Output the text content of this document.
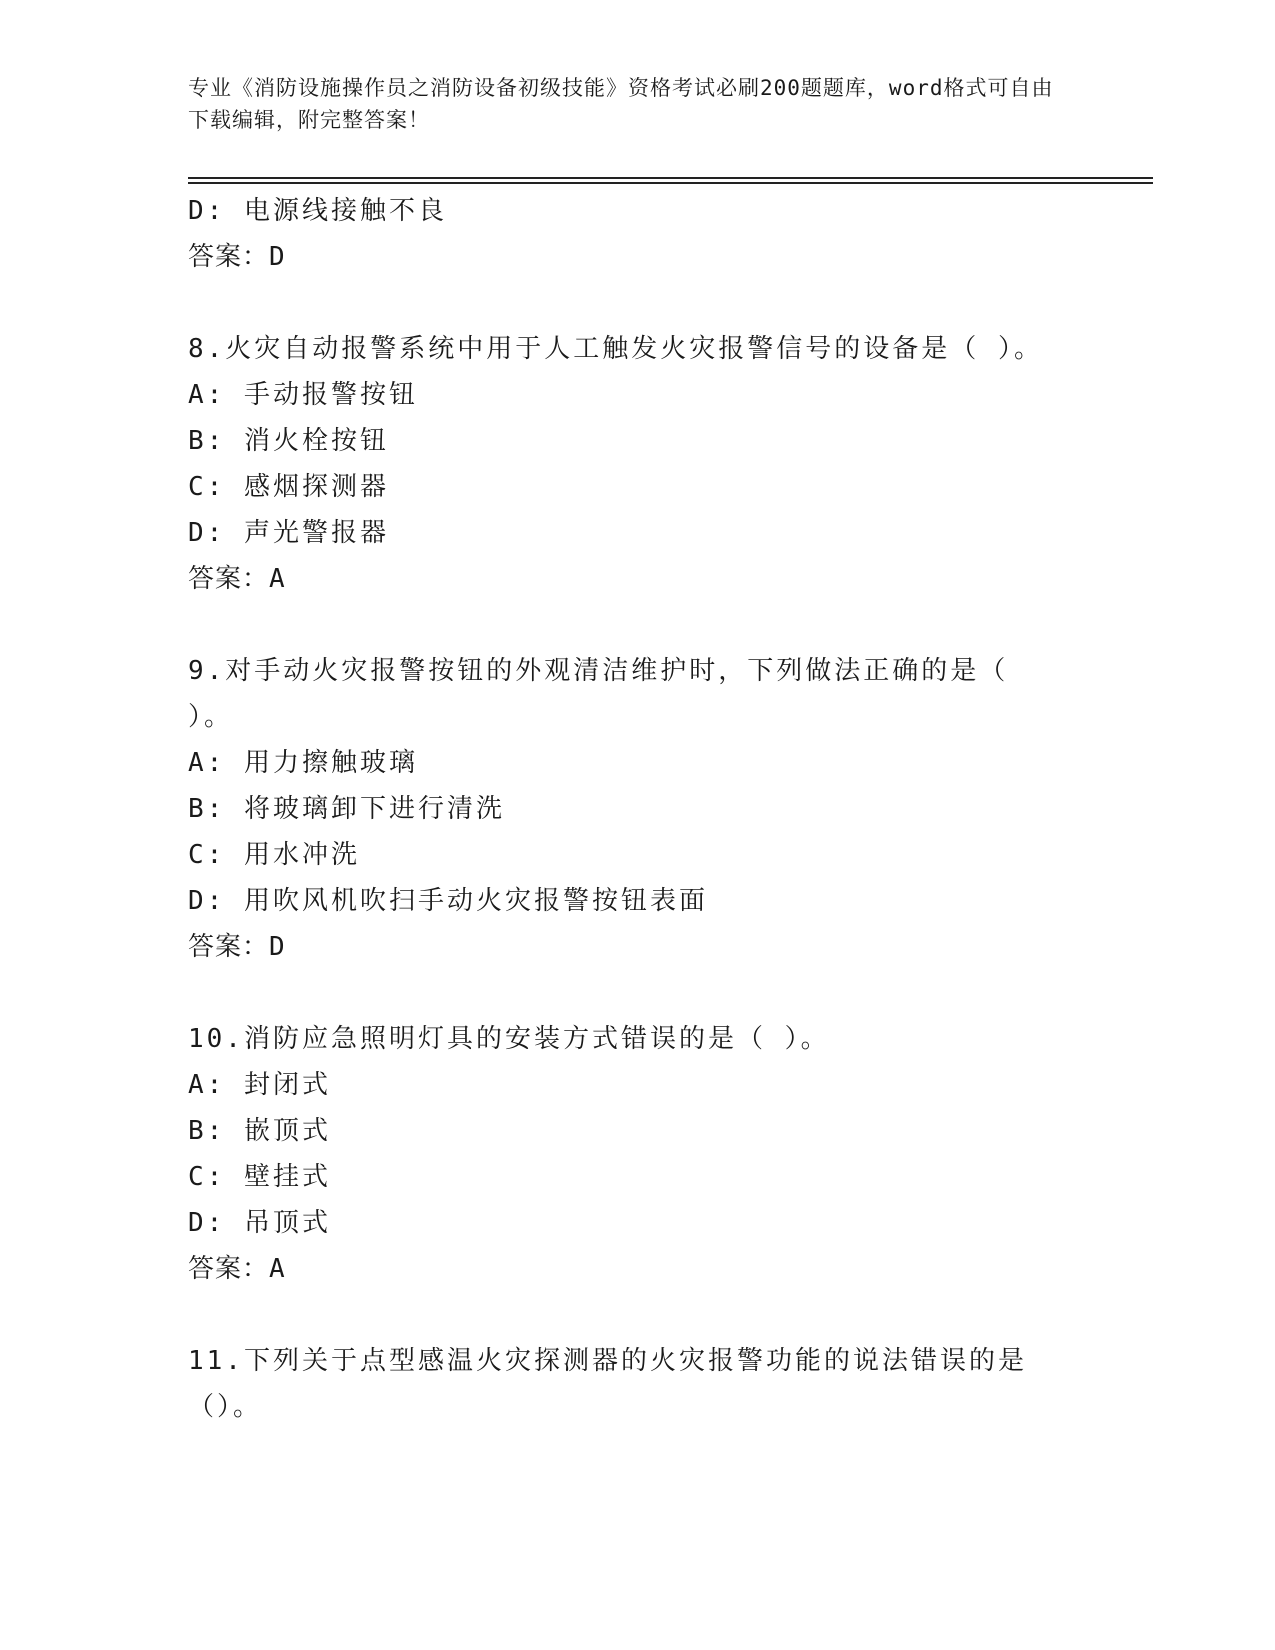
专业《消防设施操作员之消防设备初级技能》资格考试必刷200题题库，word格式可自由下载编辑，附完整答案！
D: 电源线接触不良
答案：D
8.火灾自动报警系统中用于人工触发火灾报警信号的设备是（ ）。
A: 手动报警按钮
B: 消火栓按钮
C: 感烟探测器
D: 声光警报器
答案：A
9.对手动火灾报警按钮的外观清洁维护时，下列做法正确的是（ ）。
A: 用力擦触玻璃
B: 将玻璃卸下进行清洗
C: 用水冲洗
D: 用吹风机吹扫手动火灾报警按钮表面
答案：D
10.消防应急照明灯具的安装方式错误的是（ ）。
A: 封闭式
B: 嵌顶式
C: 壁挂式
D: 吊顶式
答案：A
11.下列关于点型感温火灾探测器的火灾报警功能的说法错误的是（）。
